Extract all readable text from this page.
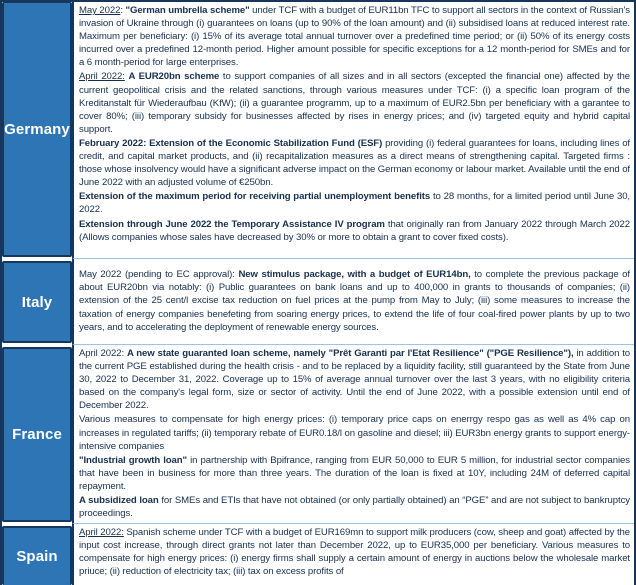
Germany

May 2022: "German umbrella scheme" under TCF with a budget of EUR11bn TFC to support all sectors in the context of Russian's invasion of Ukraine through (i) guarantees on loans (up to 90% of the loan amount) and (ii) subsidised loans at reduced interest rate. Maximum per beneficiary: (i) 15% of its average total annual turnover over a predefined time period; or (ii) 50% of its energy costs incurred over a predefined 12-month period. Higher amount possible for specific exceptions for a 12 month-period for SMEs and for a 6 month-period for large enterprises.

April 2022: A EUR20bn scheme to support companies of all sizes and in all sectors (excepted the financial one) affected by the current geopolitical crisis and the related sanctions, through various measures under TCF: (i) a specific loan program of the Kreditanstalt für Wiederaufbau (KfW); (ii) a guarantee programm, up to a maximum of EUR2.5bn per beneficiary with a garantee to cover 80%; (iii) temporary subsidy for businesses affected by rises in energy prices; and (iv) targeted equity and hybrid capital support.

February 2022: Extension of the Economic Stabilization Fund (ESF) providing (i) federal guarantees for loans, including lines of credit, and capital market products, and (ii) recapitalization measures as a direct means of strengthening capital. Targeted firms : those whose insolvency would have a significant adverse impact on the German economy or labour market. Available until the end of June 2022 with an adjusted volume of €250bn.

Extension of the maximum period for receiving partial unemployment benefits to 28 months, for a limited period until June 30, 2022.

Extension through June 2022 the Temporary Assistance IV program that originally ran from January 2022 through March 2022 (Allows companies whose sales have decreased by 30% or more to obtain a grant to cover fixed costs).

Italy

May 2022 (pending to EC approval): New stimulus package, with a budget of EUR14bn, to complete the previous package of about EUR20bn via notably: (i) Public guarantees on bank loans and up to 400,000 in grants to thousands of companies; (ii) extension of the 25 cent/l excise tax reduction on fuel prices at the pump from May to July; (iii) some measures to increase the taxation of energy companies benefeting from soaring energy prices, to extend the life of four coal-fired power plants by up to two years, and to accelerating the deployment of renewable energy sources.

France

April 2022: A new state guaranted loan scheme, namely "Prêt Garanti par l'Etat Resilience" ("PGE Resilience"), in addition to the current PGE established during the health crisis - and to be replaced by a liquidity facility, still guaranteed by the State from June 30, 2022 to December 31, 2022. Coverage up to 15% of average annual turnover over the last 3 years, with no eligibility criteria based on the company's legal form, size or sector of activity. Until the end of June 2022, with a possible extension until end of December 2022.

Various measures to compensate for high energy prices: (i) temporary price caps on enerrgy respo gas as well as 4% cap on increases in regulated tariffs; (ii) temporary rebate of EUR0.18/l on gasoline and diesel; iii) EUR3bn energy grants to support energy-intensive companies

"Industrial growth loan" in partnership with Bpifrance, ranging from EUR 50,000 to EUR 5 million, for industrial sector companies that have been in business for more than three years. The duration of the loan is fixed at 10Y, including 24M of deferred capital repayment.

A subsidized loan for SMEs and ETIs that have not obtained (or only partially obtained) an “PGE” and are not subject to bankruptcy proceedings.

Spain

April 2022: Spanish scheme under TCF with a budget of EUR169mn to support milk producers (cow, sheep and goat) affected by the input cost increase, through direct grants not later than December 2022, up to EUR35,000 per beneficiary. Various measures to compensate for high energy prices: (i) energy firms shall supply a certain amount of energy in auctions below the wholesale market priuce; (ii) reduction of electricity tax; (iii) tax on excess profits of
